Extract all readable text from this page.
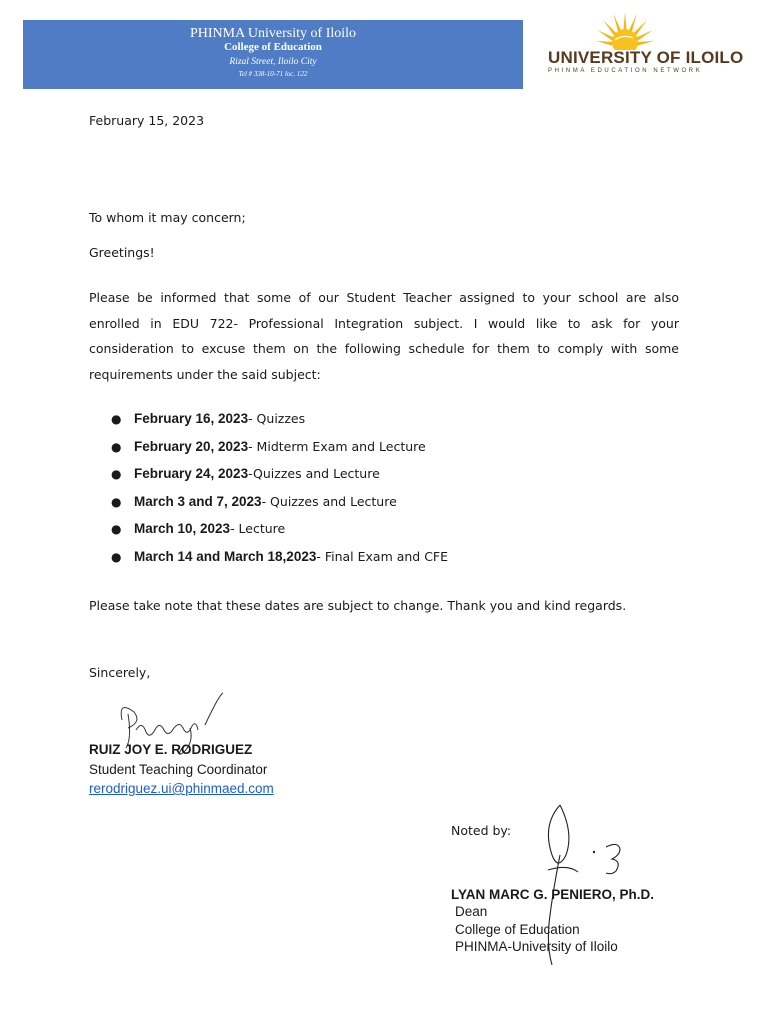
PHINMA University of Iloilo
College of Education
Rizal Street, Iloilo City
Tel # 338-10-71 loc. 122
UNIVERSITY OF ILOILO
PHINMA EDUCATION NETWORK
February 15, 2023
To whom it may concern;
Greetings!
Please be informed that some of our Student Teacher assigned to your school are also enrolled in EDU 722- Professional Integration subject. I would like to ask for your consideration to excuse them on the following schedule for them to comply with some requirements under the said subject:
● February 16, 2023- Quizzes
● February 20, 2023- Midterm Exam and Lecture
● February 24, 2023-Quizzes and Lecture
● March 3 and 7, 2023- Quizzes and Lecture
● March 10, 2023- Lecture
● March 14 and March 18,2023- Final Exam and CFE
Please take note that these dates are subject to change. Thank you and kind regards.
Sincerely,
RUIZ JOY E. RODRIGUEZ
Student Teaching Coordinator
rerodriguez.ui@phinmaed.com
Noted by:
LYAN MARC G. PENIERO, Ph.D.
Dean
College of Education
PHINMA-University of Iloilo
